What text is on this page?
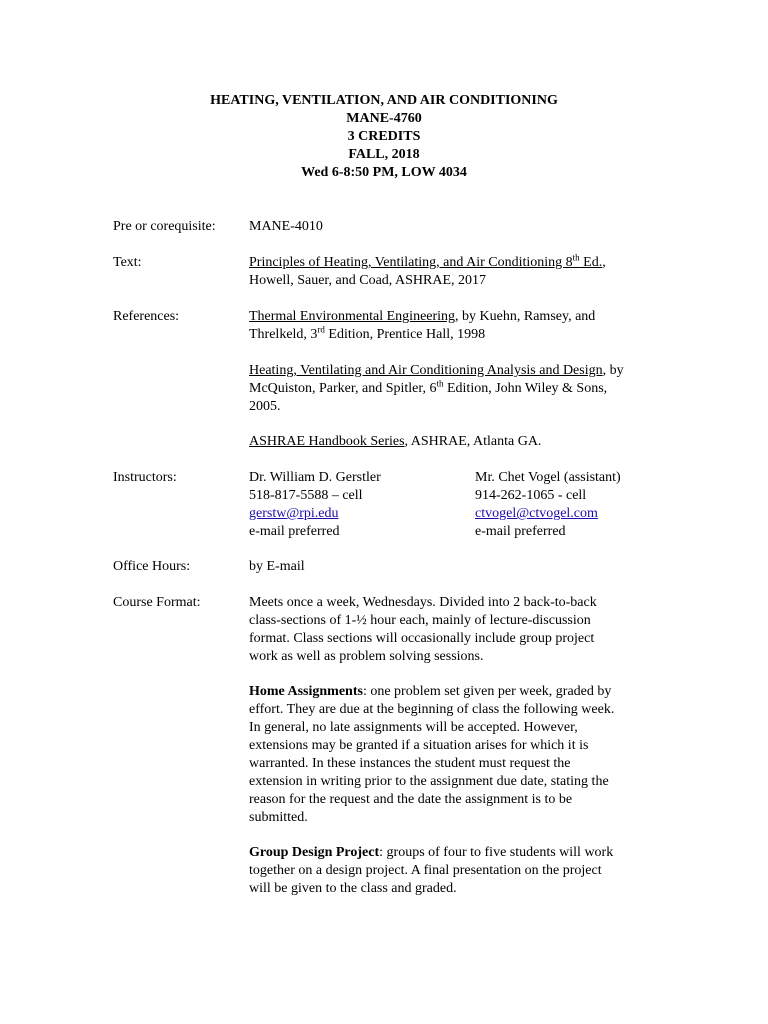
HEATING, VENTILATION, AND AIR CONDITIONING
MANE-4760
3 CREDITS
FALL, 2018
Wed 6-8:50 PM, LOW 4034
Pre or corequisite: MANE-4010
Text:	Principles of Heating, Ventilating, and Air Conditioning 8th Ed.,
Howell, Sauer, and Coad, ASHRAE, 2017
References:	Thermal Environmental Engineering, by Kuehn, Ramsey, and
Threlkeld, 3rd Edition, Prentice Hall, 1998
Heating, Ventilating and Air Conditioning Analysis and Design, by
McQuiston, Parker, and Spitler, 6th Edition, John Wiley & Sons,
2005.
ASHRAE Handbook Series, ASHRAE, Atlanta GA.
Instructors:	Dr. William D. Gerstler
518-817-5588 – cell
gerstw@rpi.edu
e-mail preferred
Mr. Chet Vogel (assistant)
914-262-1065 - cell
ctvogel@ctvogel.com
e-mail preferred
Office Hours:	by E-mail
Course Format:	Meets once a week, Wednesdays. Divided into 2 back-to-back
class-sections of 1-½ hour each, mainly of lecture-discussion
format. Class sections will occasionally include group project
work as well as problem solving sessions.
Home Assignments: one problem set given per week, graded by
effort. They are due at the beginning of class the following week.
In general, no late assignments will be accepted. However,
extensions may be granted if a situation arises for which it is
warranted. In these instances the student must request the
extension in writing prior to the assignment due date, stating the
reason for the request and the date the assignment is to be
submitted.
Group Design Project: groups of four to five students will work
together on a design project. A final presentation on the project
will be given to the class and graded.
